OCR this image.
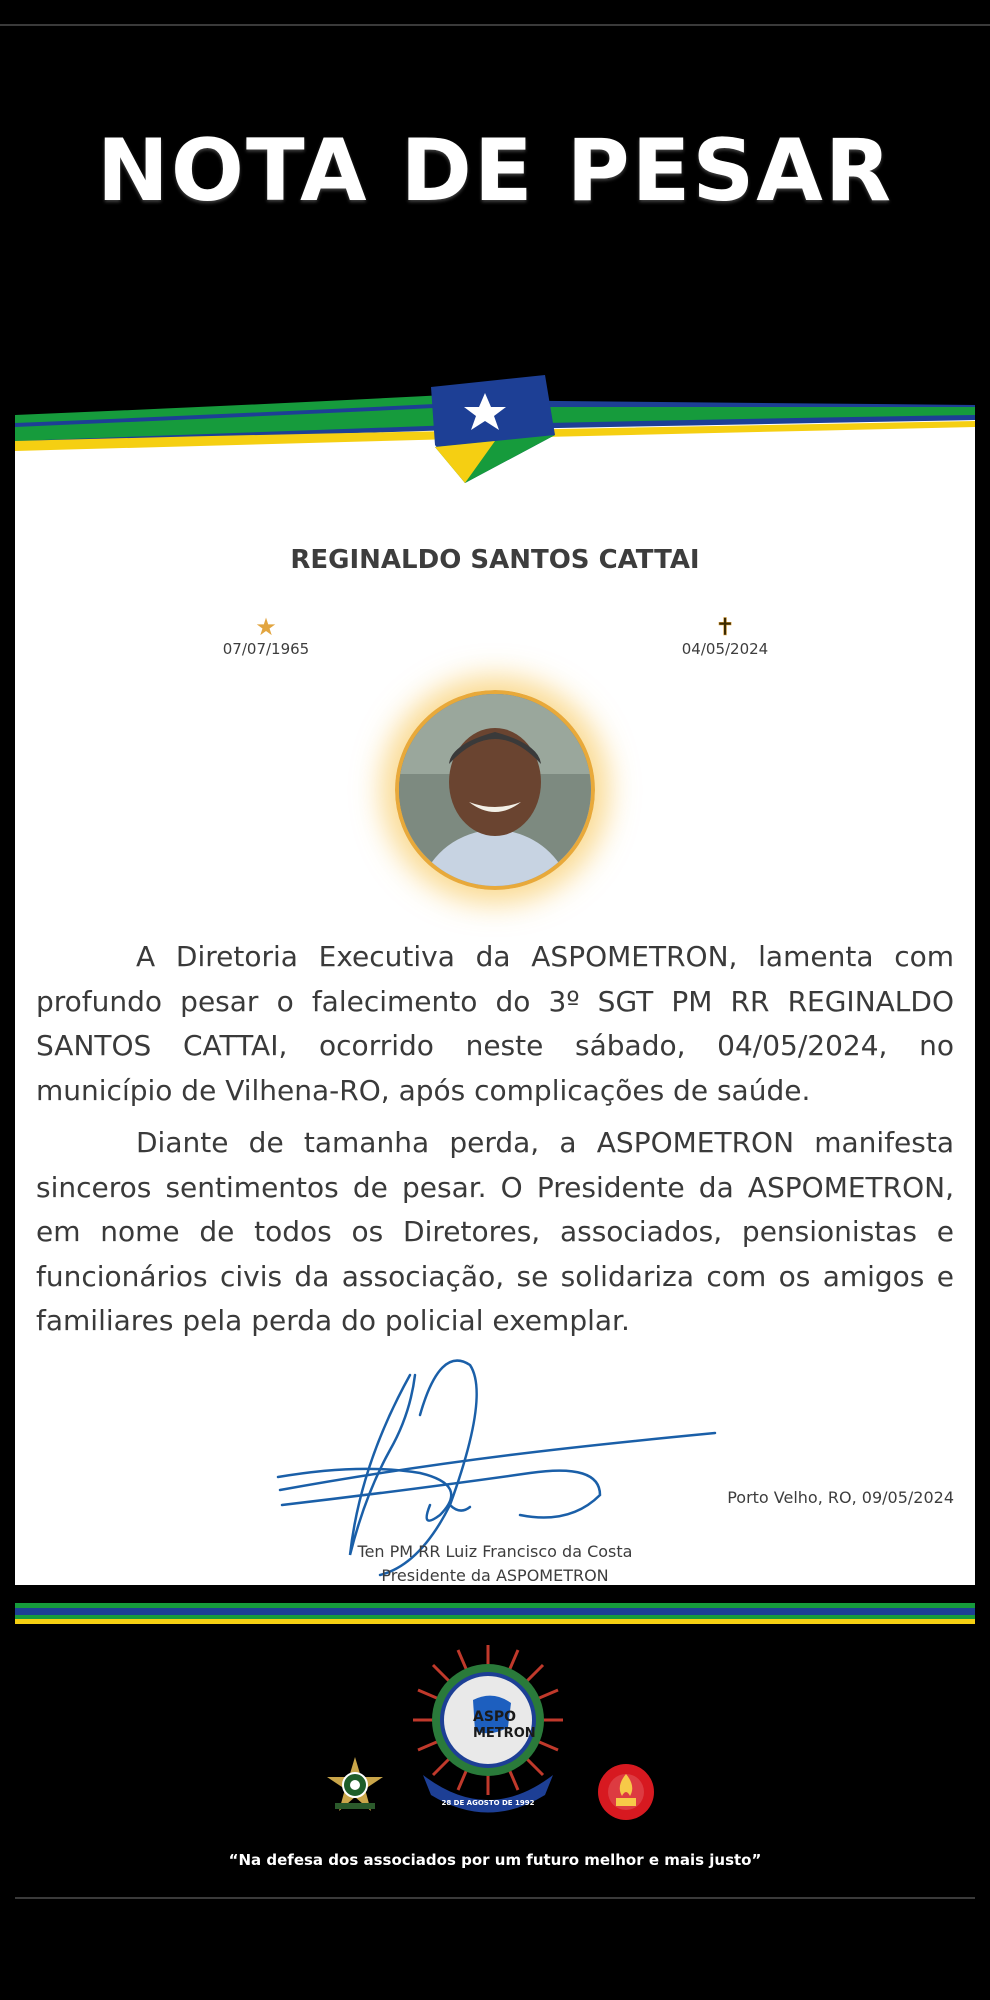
NOTA DE PESAR
REGINALDO SANTOS CATTAI
★
07/07/1965
✝
04/05/2024

A Diretoria Executiva da ASPOMETRON, lamenta com profundo pesar o falecimento do 3º SGT PM RR REGINALDO SANTOS CATTAI, ocorrido neste sábado, 04/05/2024, no município de Vilhena-RO, após complicações de saúde.

Diante de tamanha perda, a ASPOMETRON manifesta sinceros sentimentos de pesar. O Presidente da ASPOMETRON, em nome de todos os Diretores, associados, pensionistas e funcionários civis da associação, se solidariza com os amigos e familiares pela perda do policial exemplar.

Porto Velho, RO, 09/05/2024
Ten PM RR Luiz Francisco da Costa
Presidente da ASPOMETRON
ASPO
METRON
28 DE AGOSTO DE 1992
“Na defesa dos associados por um futuro melhor e mais justo”
